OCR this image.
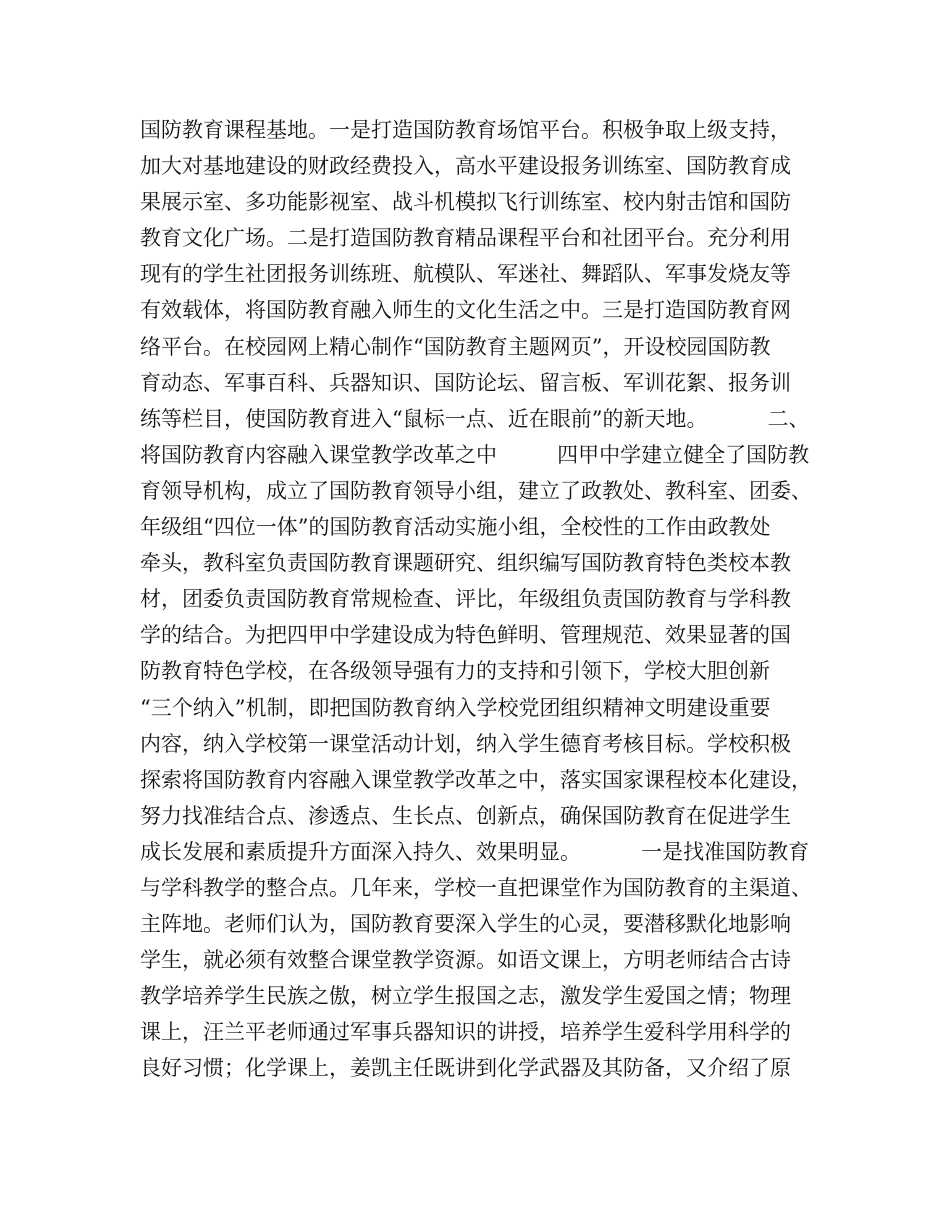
国防教育课程基地。一是打造国防教育场馆平台。积极争取上级支持，
加大对基地建设的财政经费投入，高水平建设报务训练室、国防教育成
果展示室、多功能影视室、战斗机模拟飞行训练室、校内射击馆和国防
教育文化广场。二是打造国防教育精品课程平台和社团平台。充分利用
现有的学生社团报务训练班、航模队、军迷社、舞蹈队、军事发烧友等
有效载体，将国防教育融入师生的文化生活之中。三是打造国防教育网
络平台。在校园网上精心制作“国防教育主题网页”，开设校园国防教
育动态、军事百科、兵器知识、国防论坛、留言板、军训花絮、报务训
练等栏目，使国防教育进入“鼠标一点、近在眼前”的新天地。         二、
将国防教育内容融入课堂教学改革之中         四甲中学建立健全了国防教
育领导机构，成立了国防教育领导小组，建立了政教处、教科室、团委、
年级组“四位一体”的国防教育活动实施小组，全校性的工作由政教处
牵头，教科室负责国防教育课题研究、组织编写国防教育特色类校本教
材，团委负责国防教育常规检查、评比，年级组负责国防教育与学科教
学的结合。为把四甲中学建设成为特色鲜明、管理规范、效果显著的国
防教育特色学校，在各级领导强有力的支持和引领下，学校大胆创新
“三个纳入”机制，即把国防教育纳入学校党团组织精神文明建设重要
内容，纳入学校第一课堂活动计划，纳入学生德育考核目标。学校积极
探索将国防教育内容融入课堂教学改革之中，落实国家课程校本化建设，
努力找准结合点、渗透点、生长点、创新点，确保国防教育在促进学生
成长发展和素质提升方面深入持久、效果明显。         一是找准国防教育
与学科教学的整合点。几年来，学校一直把课堂作为国防教育的主渠道、
主阵地。老师们认为，国防教育要深入学生的心灵，要潜移默化地影响
学生，就必须有效整合课堂教学资源。如语文课上，方明老师结合古诗
教学培养学生民族之傲，树立学生报国之志，激发学生爱国之情；物理
课上，汪兰平老师通过军事兵器知识的讲授，培养学生爱科学用科学的
良好习惯；化学课上，姜凯主任既讲到化学武器及其防备，又介绍了原
